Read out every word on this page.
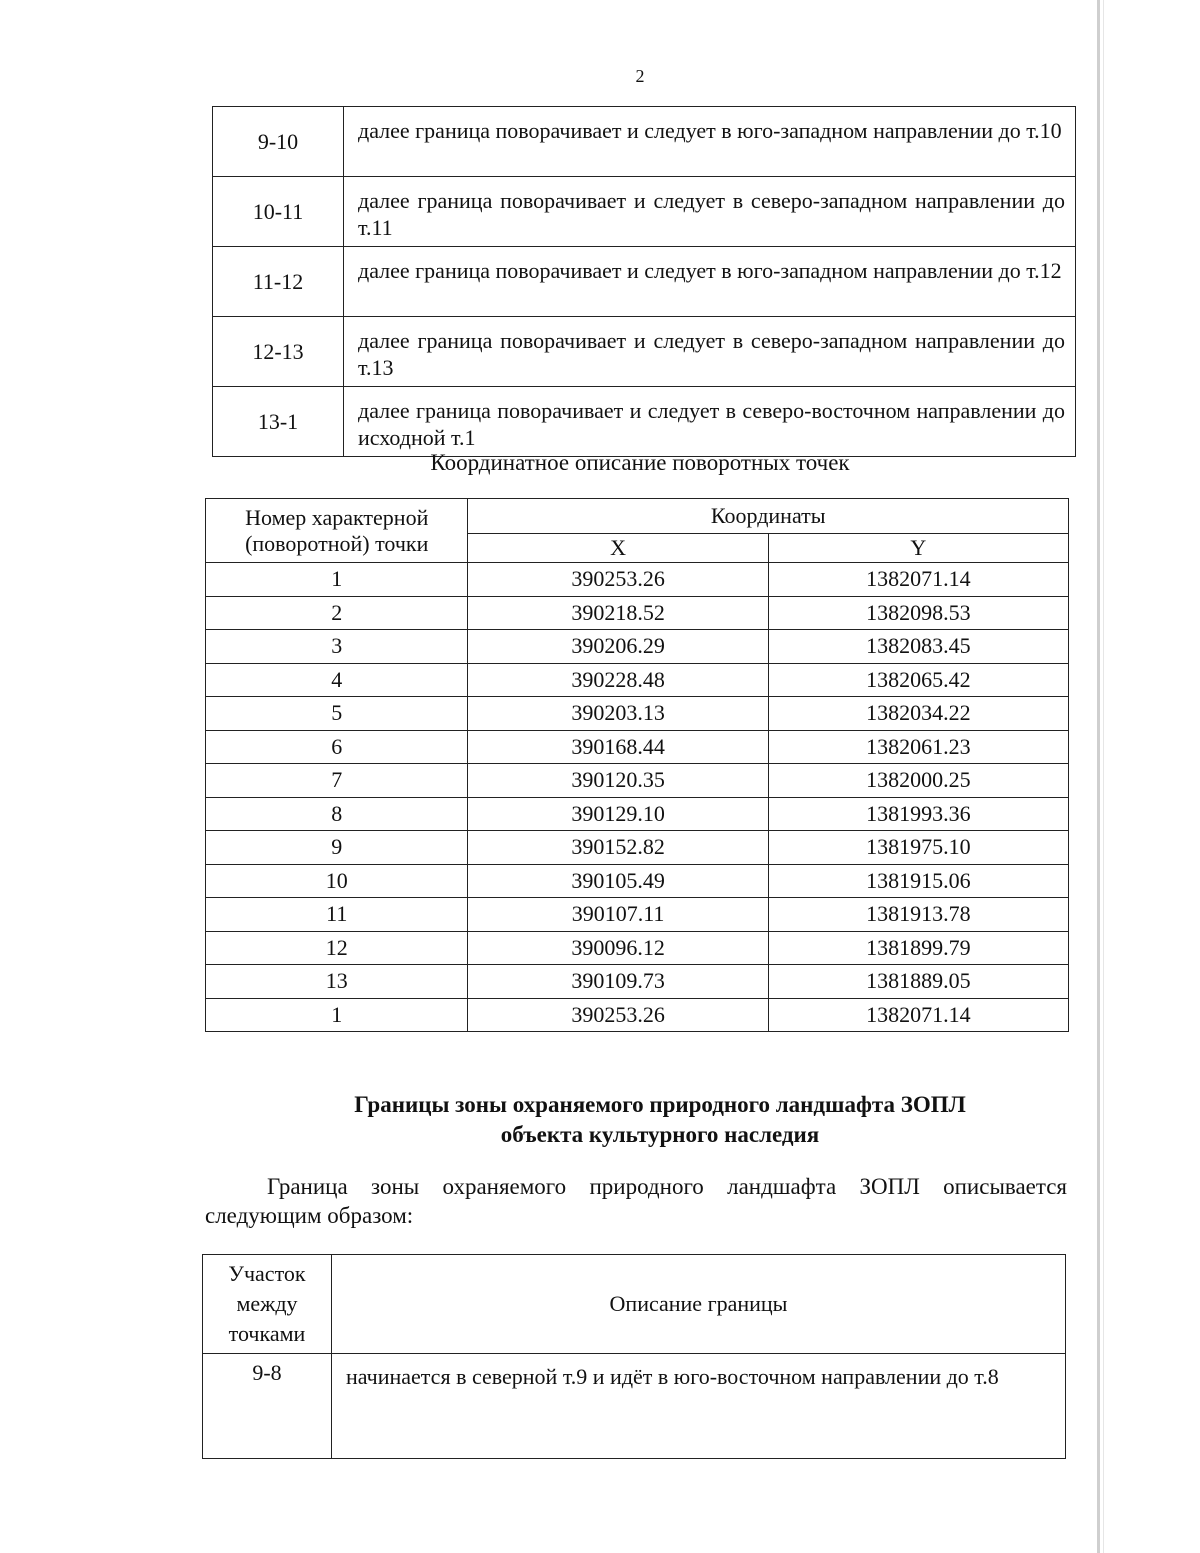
2
9-10	далее граница поворачивает и следует в юго-западном направлении до т.10
10-11	далее граница поворачивает и следует в северо-западном направлении до т.11
11-12	далее граница поворачивает и следует в юго-западном направлении до т.12
12-13	далее граница поворачивает и следует в северо-западном направлении до т.13
13-1	далее граница поворачивает и следует в северо-восточном направлении до исходной т.1
Координатное описание поворотных точек
Номер характерной (поворотной) точки	Координаты	
	X	Y
1	390253.26	1382071.14
2	390218.52	1382098.53
3	390206.29	1382083.45
4	390228.48	1382065.42
5	390203.13	1382034.22
6	390168.44	1382061.23
7	390120.35	1382000.25
8	390129.10	1381993.36
9	390152.82	1381975.10
10	390105.49	1381915.06
11	390107.11	1381913.78
12	390096.12	1381899.79
13	390109.73	1381889.05
1	390253.26	1382071.14
Границы зоны охраняемого природного ландшафта ЗОПЛ
объекта культурного наследия
Граница зоны охраняемого природного ландшафта ЗОПЛ описывается следующим образом:
Участок между точками	Описание границы
9-8	начинается в северной т.9 и идёт в юго-восточном направлении до т.8
